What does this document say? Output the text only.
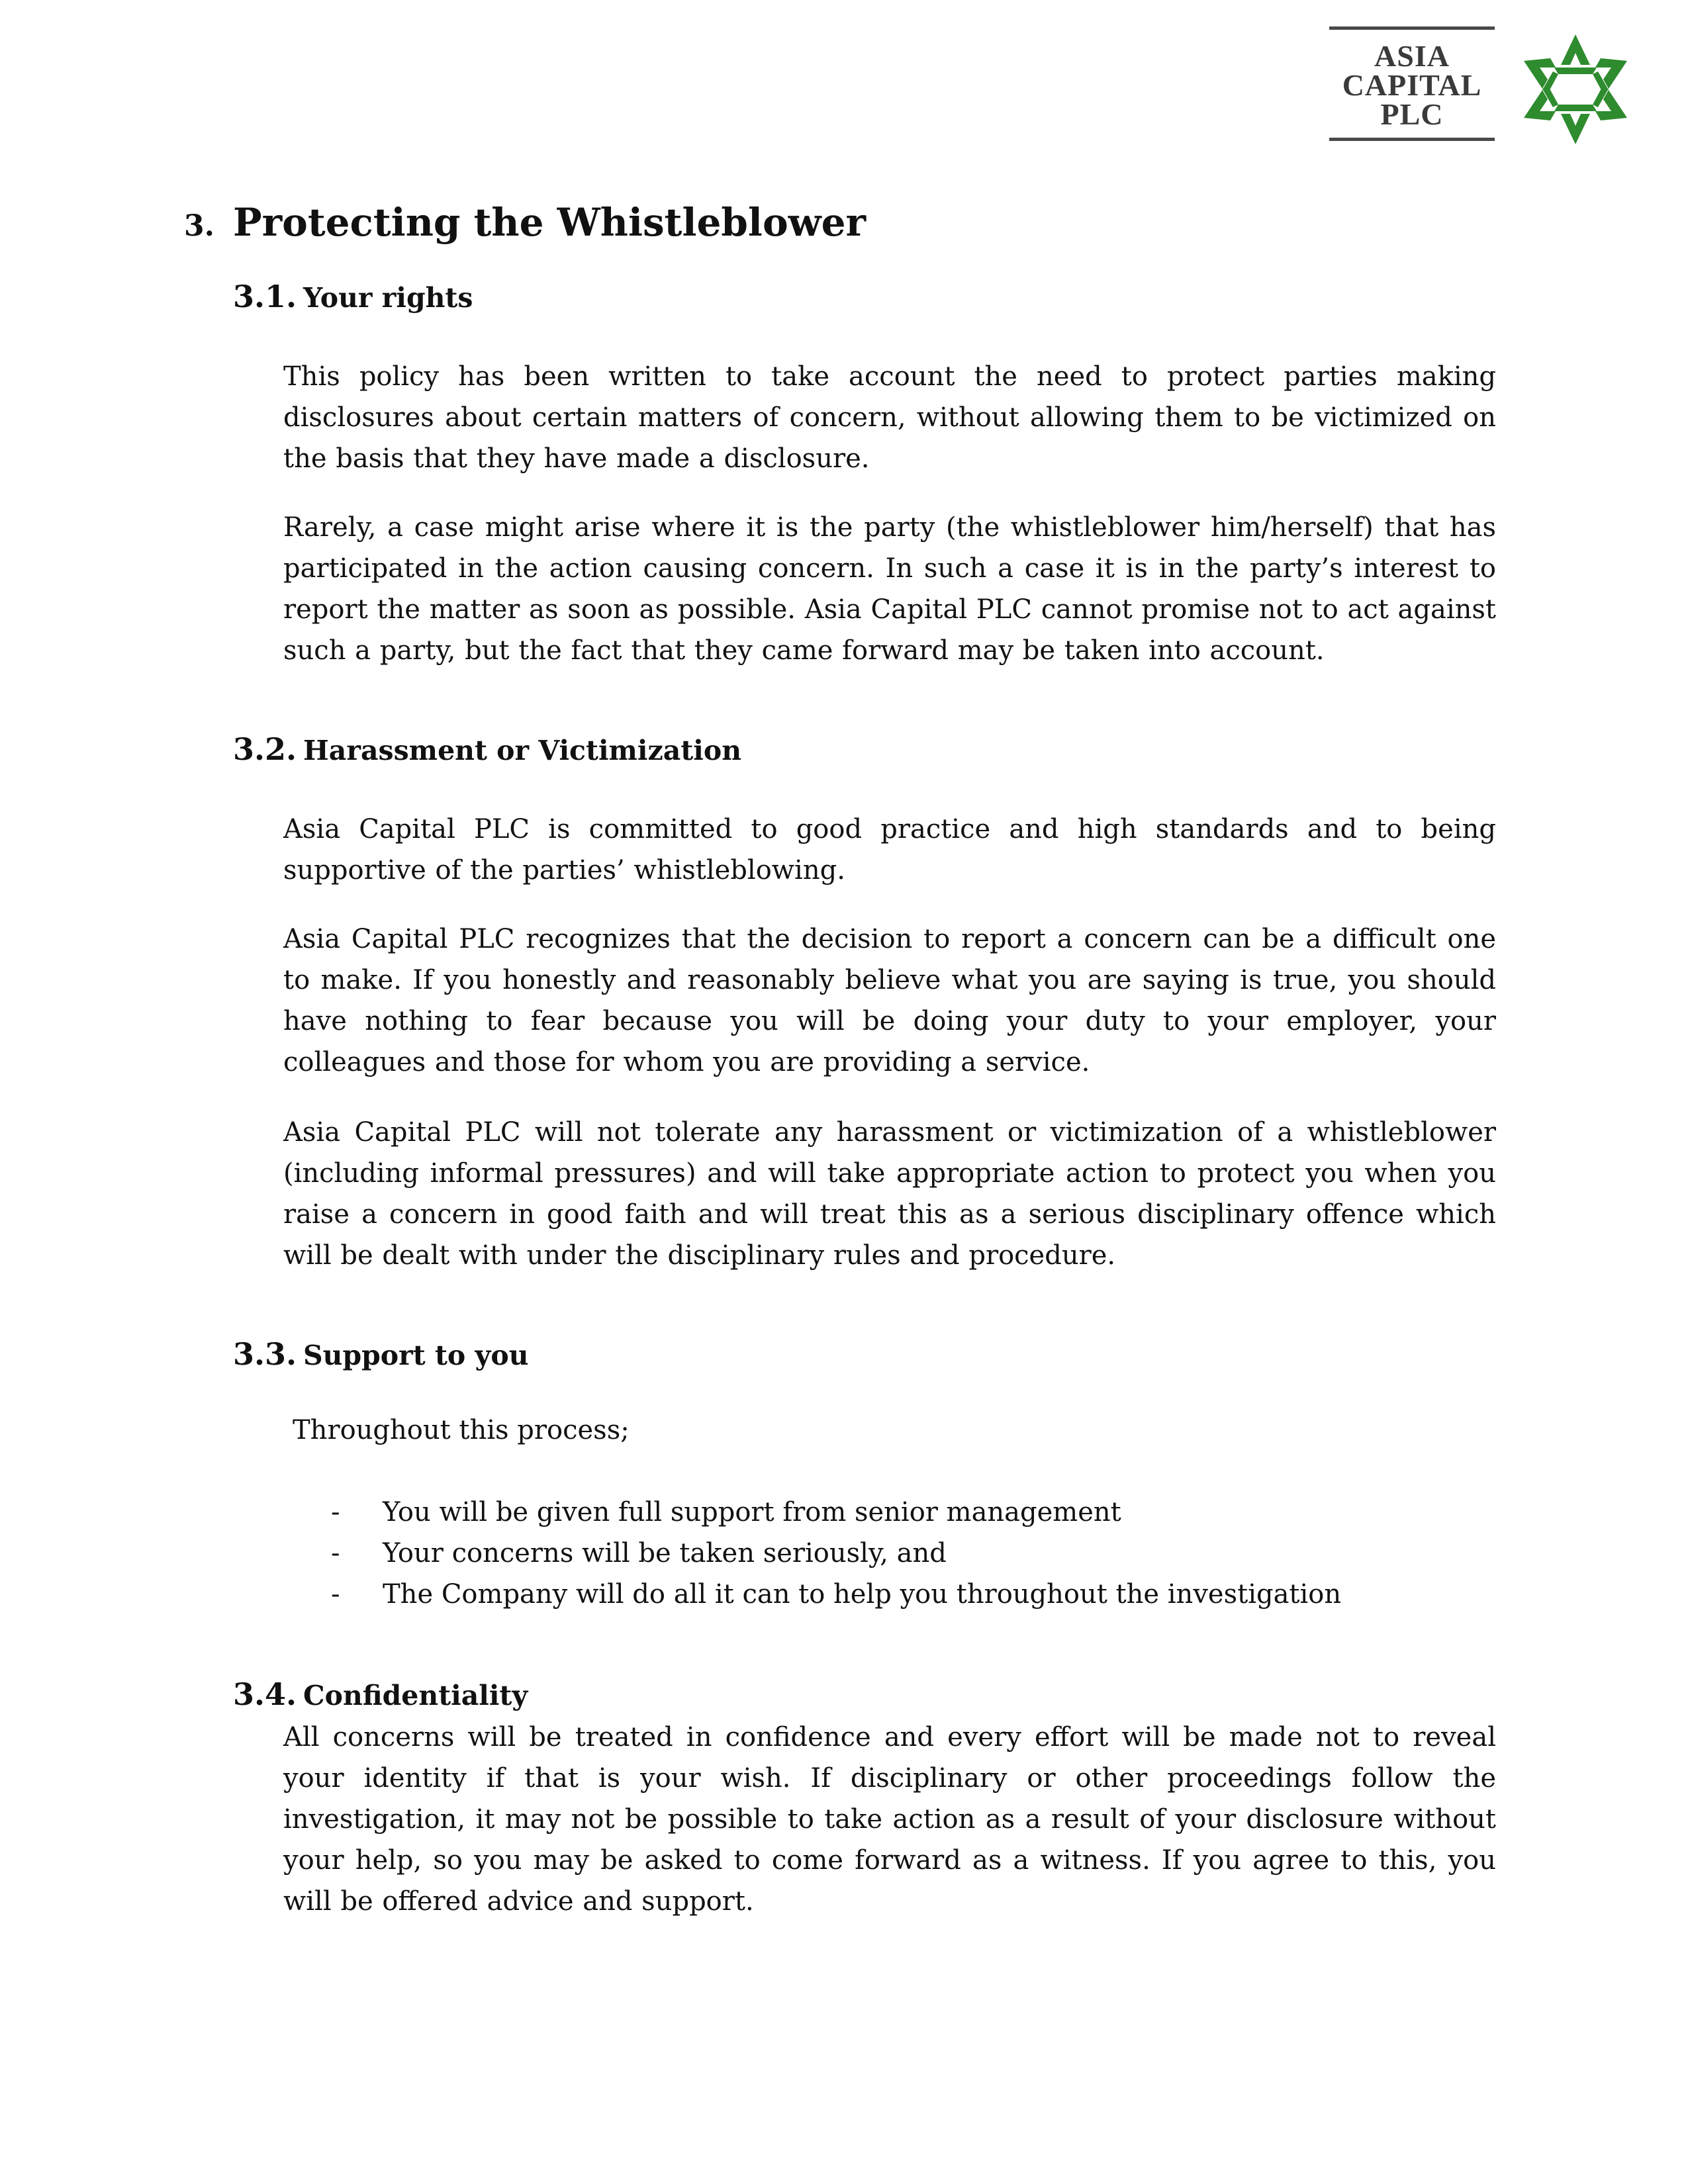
ASIA
CAPITAL
PLC
3. Protecting the Whistleblower
3.1. Your rights
This policy has been written to take account the need to protect parties making disclosures about certain matters of concern, without allowing them to be victimized on the basis that they have made a disclosure.
Rarely, a case might arise where it is the party (the whistleblower him/herself) that has participated in the action causing concern. In such a case it is in the party’s interest to report the matter as soon as possible. Asia Capital PLC cannot promise not to act against such a party, but the fact that they came forward may be taken into account.
3.2. Harassment or Victimization
Asia Capital PLC is committed to good practice and high standards and to being supportive of the parties’ whistleblowing.
Asia Capital PLC recognizes that the decision to report a concern can be a difficult one to make. If you honestly and reasonably believe what you are saying is true, you should have nothing to fear because you will be doing your duty to your employer, your colleagues and those for whom you are providing a service.
Asia Capital PLC will not tolerate any harassment or victimization of a whistleblower (including informal pressures) and will take appropriate action to protect you when you raise a concern in good faith and will treat this as a serious disciplinary offence which will be dealt with under the disciplinary rules and procedure.
3.3. Support to you
Throughout this process;
- You will be given full support from senior management
- Your concerns will be taken seriously, and
- The Company will do all it can to help you throughout the investigation
3.4. Confidentiality
All concerns will be treated in confidence and every effort will be made not to reveal your identity if that is your wish. If disciplinary or other proceedings follow the investigation, it may not be possible to take action as a result of your disclosure without your help, so you may be asked to come forward as a witness. If you agree to this, you will be offered advice and support.
